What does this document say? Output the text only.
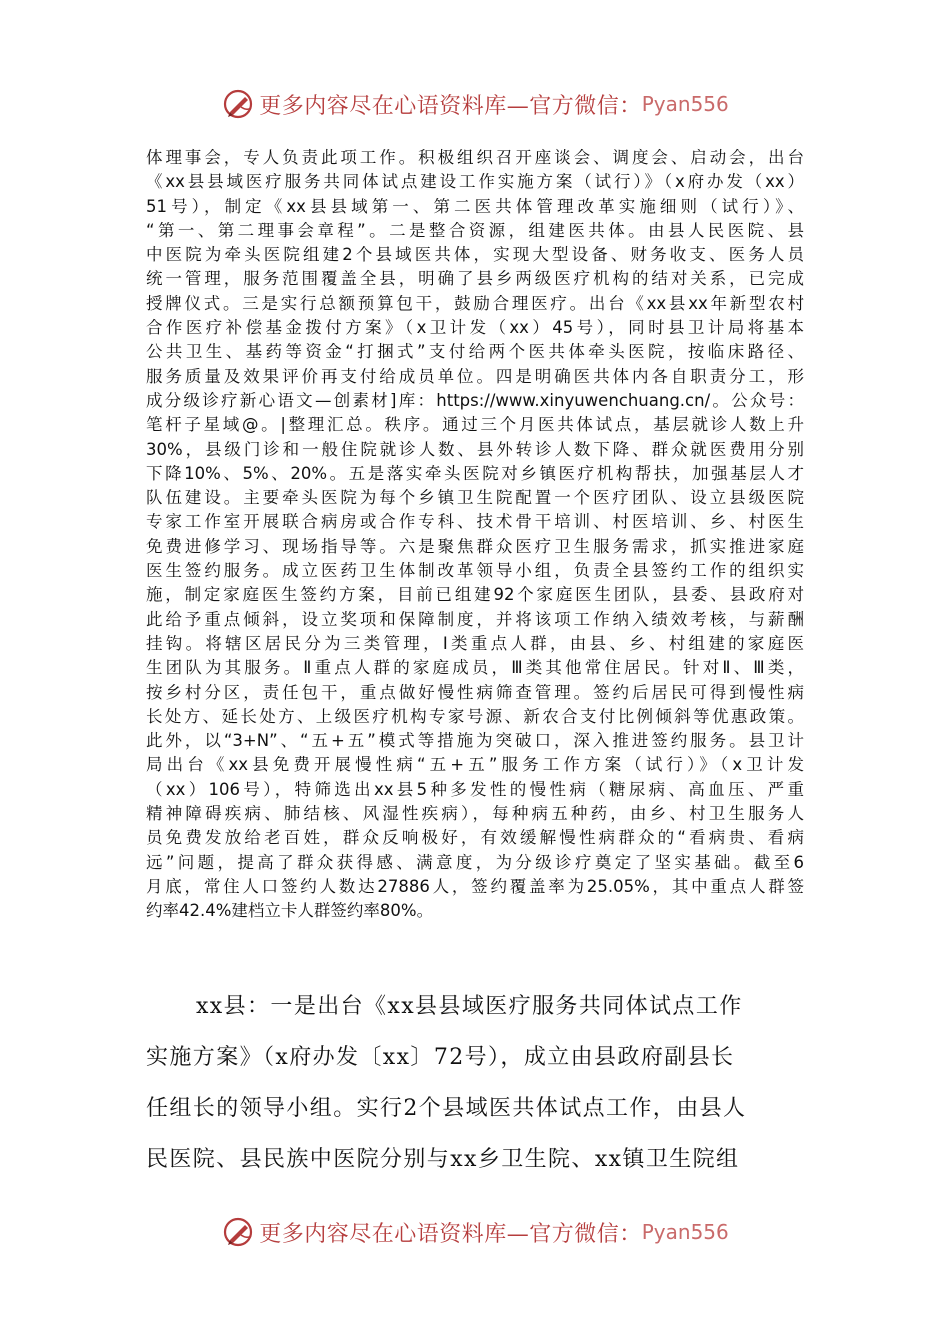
更多内容尽在心语资料库—官方微信： Pyan556
体理事会，专人负责此项工作。积极组织召开座谈会、调度会、启动会，出台
《xx县县域医疗服务共同体试点建设工作实施方案（试行）》（x府办发（xx）
51号），制定《xx县县域第一、第二医共体管理改革实施细则（试行）》、
“第一、第二理事会章程”。二是整合资源，组建医共体。由县人民医院、县
中医院为牵头医院组建2个县域医共体，实现大型设备、财务收支、医务人员
统一管理，服务范围覆盖全县，明确了县乡两级医疗机构的结对关系，已完成
授牌仪式。三是实行总额预算包干，鼓励合理医疗。出台《xx县xx年新型农村
合作医疗补偿基金拨付方案》（x卫计发（xx）45号），同时县卫计局将基本
公共卫生、基药等资金“打捆式”支付给两个医共体牵头医院，按临床路径、
服务质量及效果评价再支付给成员单位。四是明确医共体内各自职责分工，形
成分级诊疗新心语文—创素材]库：https://www.xinyuwenchuang.cn/。公众号：
笔杆子星域@。|整理汇总。秩序。通过三个月医共体试点，基层就诊人数上升
30%，县级门诊和一般住院就诊人数、县外转诊人数下降、群众就医费用分别
下降10%、5%、20%。五是落实牵头医院对乡镇医疗机构帮扶，加强基层人才
队伍建设。主要牵头医院为每个乡镇卫生院配置一个医疗团队、设立县级医院
专家工作室开展联合病房或合作专科、技术骨干培训、村医培训、乡、村医生
免费进修学习、现场指导等。六是聚焦群众医疗卫生服务需求，抓实推进家庭
医生签约服务。成立医药卫生体制改革领导小组，负责全县签约工作的组织实
施，制定家庭医生签约方案，目前已组建92个家庭医生团队，县委、县政府对
此给予重点倾斜，设立奖项和保障制度，并将该项工作纳入绩效考核，与薪酬
挂钩。将辖区居民分为三类管理，Ⅰ类重点人群，由县、乡、村组建的家庭医
生团队为其服务。Ⅱ重点人群的家庭成员，Ⅲ类其他常住居民。针对Ⅱ、Ⅲ类，
按乡村分区，责任包干，重点做好慢性病筛查管理。签约后居民可得到慢性病
长处方、延长处方、上级医疗机构专家号源、新农合支付比例倾斜等优惠政策。
此外，以“3+N”、“五+五”模式等措施为突破口，深入推进签约服务。县卫计
局出台《xx县免费开展慢性病“五+五”服务工作方案（试行）》（x卫计发
（xx）106号），特筛选出xx县5种多发性的慢性病（糖尿病、高血压、严重
精神障碍疾病、肺结核、风湿性疾病），每种病五种药，由乡、村卫生服务人
员免费发放给老百姓，群众反响极好，有效缓解慢性病群众的“看病贵、看病
远”问题，提高了群众获得感、满意度，为分级诊疗奠定了坚实基础。截至6
月底，常住人口签约人数达27886人，签约覆盖率为25.05%，其中重点人群签
约率42.4%建档立卡人群签约率80%。
xx县：一是出台《xx县县域医疗服务共同体试点工作
实施方案》（x府办发〔xx〕72号），成立由县政府副县长
任组长的领导小组。实行2个县域医共体试点工作，由县人
民医院、县民族中医院分别与xx乡卫生院、xx镇卫生院组
更多内容尽在心语资料库—官方微信： Pyan556
